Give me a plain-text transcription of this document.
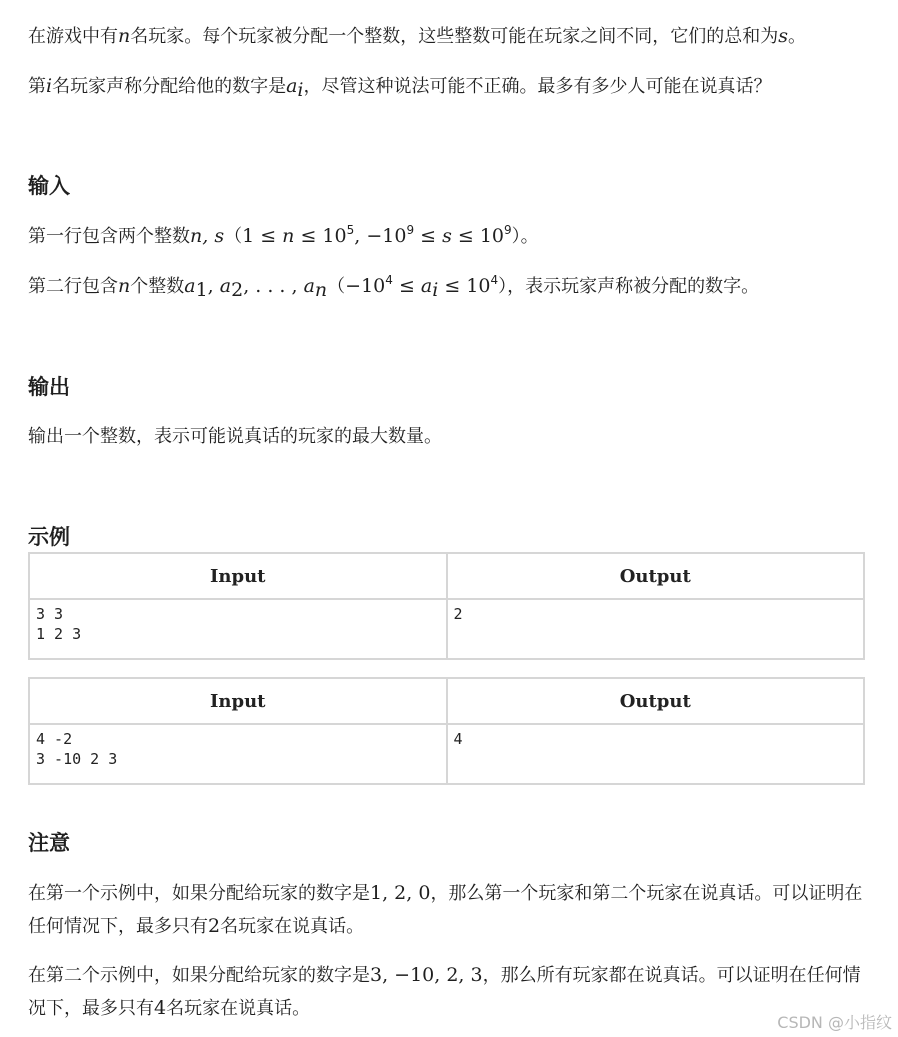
在游戏中有n名玩家。每个玩家被分配一个整数，这些整数可能在玩家之间不同，它们的总和为s。

第i名玩家声称分配给他的数字是$a_i$，尽管这种说法可能不正确。最多有多少人可能在说真话？

输入

第一行包含两个整数n, $s(1 \le n \le 10^5$, $-10^9 \le s \le 10^9$）。

第二行包含n个整数$a_1$, $a_2$, . . . , $a_n(-10^4 \le a_i \le 10^4)$，表示玩家声称被分配的数字。

输出

输出一个整数，表示可能说真话的玩家的最大数量。

示例
Input	Output
3 3
1 2 3	2
Input	Output
4 -2
3 -10 2 3	4
注意

在第一个示例中，如果分配给玩家的数字是1, 2, 0，那么第一个玩家和第二个玩家在说真话。可以证明在任何情况下，最多只有2名玩家在说真话。

在第二个示例中，如果分配给玩家的数字是3, −10, 2, 3，那么所有玩家都在说真话。可以证明在任何情况下，最多只有4名玩家在说真话。

CSDN @小指纹
